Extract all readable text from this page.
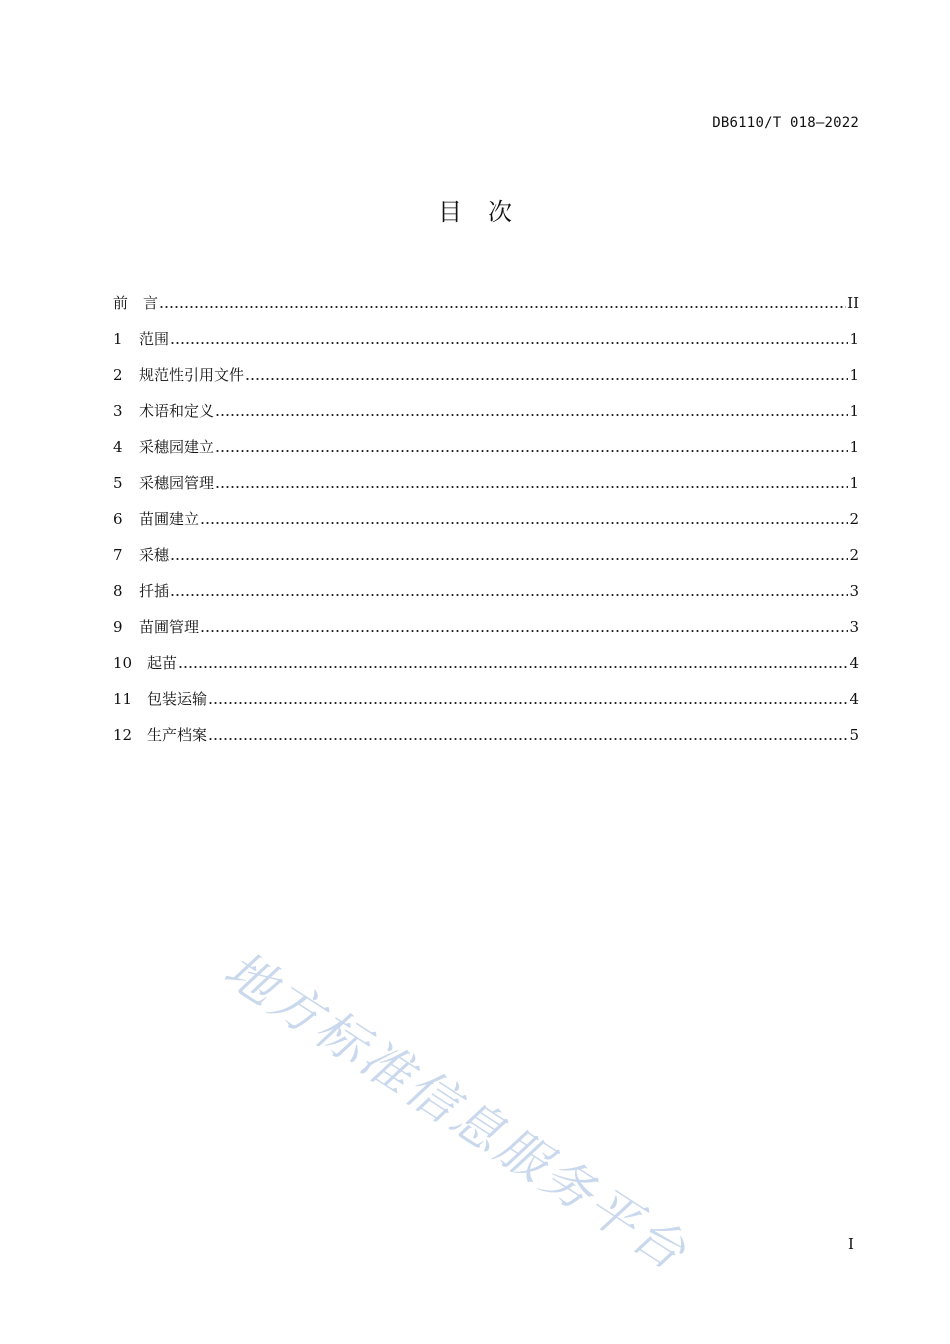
DB6110/T 018—2022
目次
前　言	II
1	范围	1
2	规范性引用文件	1
3	术语和定义	1
4	采穗园建立	1
5	采穗园管理	1
6	苗圃建立	2
7	采穗	2
8	扦插	3
9	苗圃管理	3
10 起苗	4
11 包装运输	4
12 生产档案	5
地方标准信息服务平台	I
